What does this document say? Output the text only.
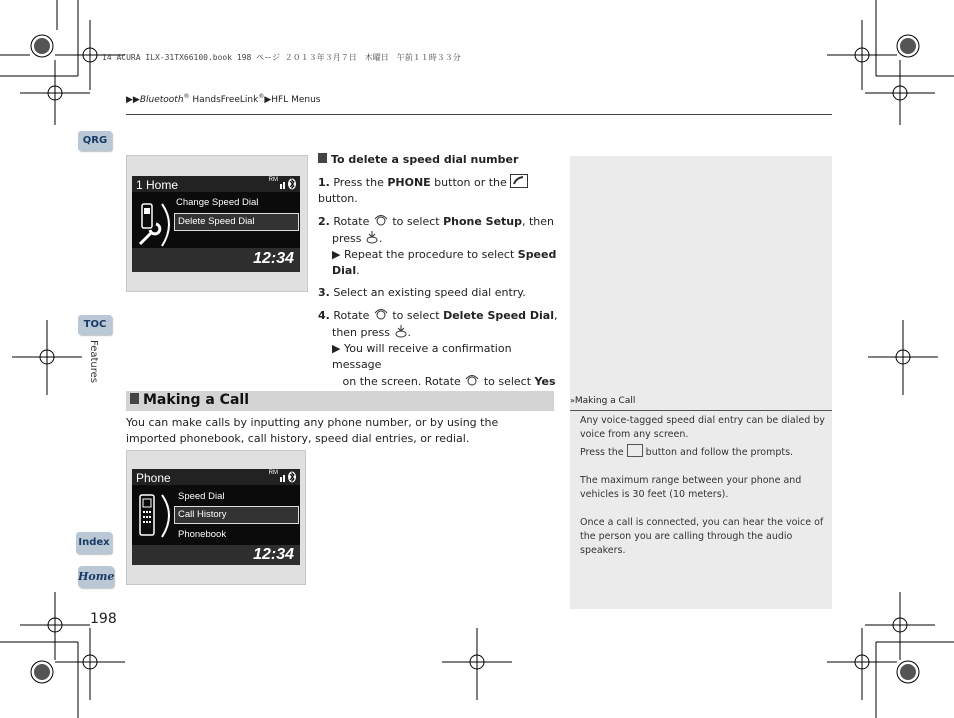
14 ACURA ILX-31TX66100.book 198 ページ ２０１３年３月７日　木曜日　午前１１時３３分
▶▶Bluetooth® HandsFreeLink®▶HFL Menus
QRG
TOC
Features
Index
Home
198
1 Home	RM
Change Speed Dial
Delete Speed Dial
12:34

To delete a speed dial number

1. Press the PHONE button or the  button.

2. Rotate  to select Phone Setup, then
press .

▶ Repeat the procedure to select Speed Dial.

3. Select an existing speed dial entry.

4. Rotate  to select Delete Speed Dial,
then press .

▶ You will receive a confirmation message
on the screen. Rotate  to select Yes

Making a Call
You can make calls by inputting any phone number, or by using the imported phonebook, call history, speed dial entries, or redial.
Phone	RM
Speed Dial
Call History
Phonebook
12:34
»Making a Call

Any voice-tagged speed dial entry can be dialed by voice from any screen.

Press the  button and follow the prompts.

The maximum range between your phone and vehicles is 30 feet (10 meters).

Once a call is connected, you can hear the voice of the person you are calling through the audio speakers.
